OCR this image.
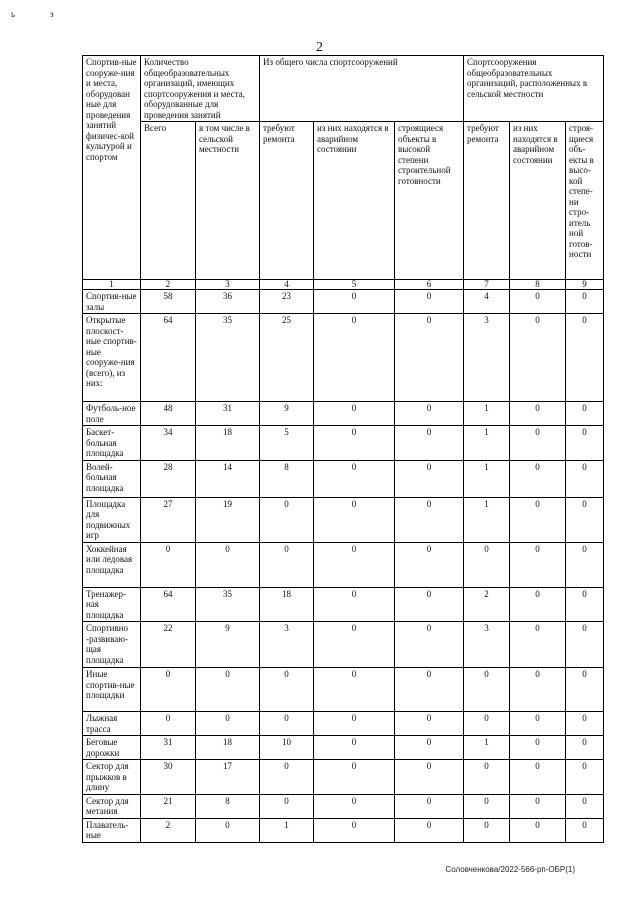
ь	з
2
Спортив-ные сооруже-ния и места, оборудован ные для проведения занятий физичес-кой культурой и спортом	Количество общеобразовательных организаций, имеющих спортсооружения и места, оборудованные для проведения занятий		Из общего числа спортсооружений			Спортсооружения общеобразовательных организаций, расположенных в сельской местности		
	Всего	в том числе в сельской местности	требуют ремонта	из них находятся в аварийном состоянии	строящиеся объекты в высокой степени строительной готовности	требуют ремонта	из них находятся в аварийном состоянии	строя-щиеся объ-екты в высо-кой степе-ни стро-итель ной готов-ности
1	2	3	4	5	6	7	8	9
Спортив-ные залы	58	36	23	0	0	4	0	0
Открытые плоскост-ные спортив-ные сооруже-ния (всего), из них:	64	35	25	0	0	3	0	0
Футболь-ное поле	48	31	9	0	0	1	0	0
Баскет-больная площадка	34	18	5	0	0	1	0	0
Волей-больная площадка	28	14	8	0	0	1	0	0
Площадка для подвижных игр	27	19	0	0	0	1	0	0
Хоккейная или ледовая площадка	0	0	0	0	0	0	0	0
Тренажер-ная площадка	64	35	18	0	0	2	0	0
Спортивно -развиваю-щая площадка	22	9	3	0	0	3	0	0
Иные спортив-ные площадки	0	0	0	0	0	0	0	0
Лыжная трасса	0	0	0	0	0	0	0	0
Беговые дорожки	31	18	10	0	0	1	0	0
Сектор для прыжков в длину	30	17	0	0	0	0	0	0
Сектор для метания	21	8	0	0	0	0	0	0
Плаватель-ные	2	0	1	0	0	0	0	0
Соловченкова/2022-566-рп-ОБР(1)
